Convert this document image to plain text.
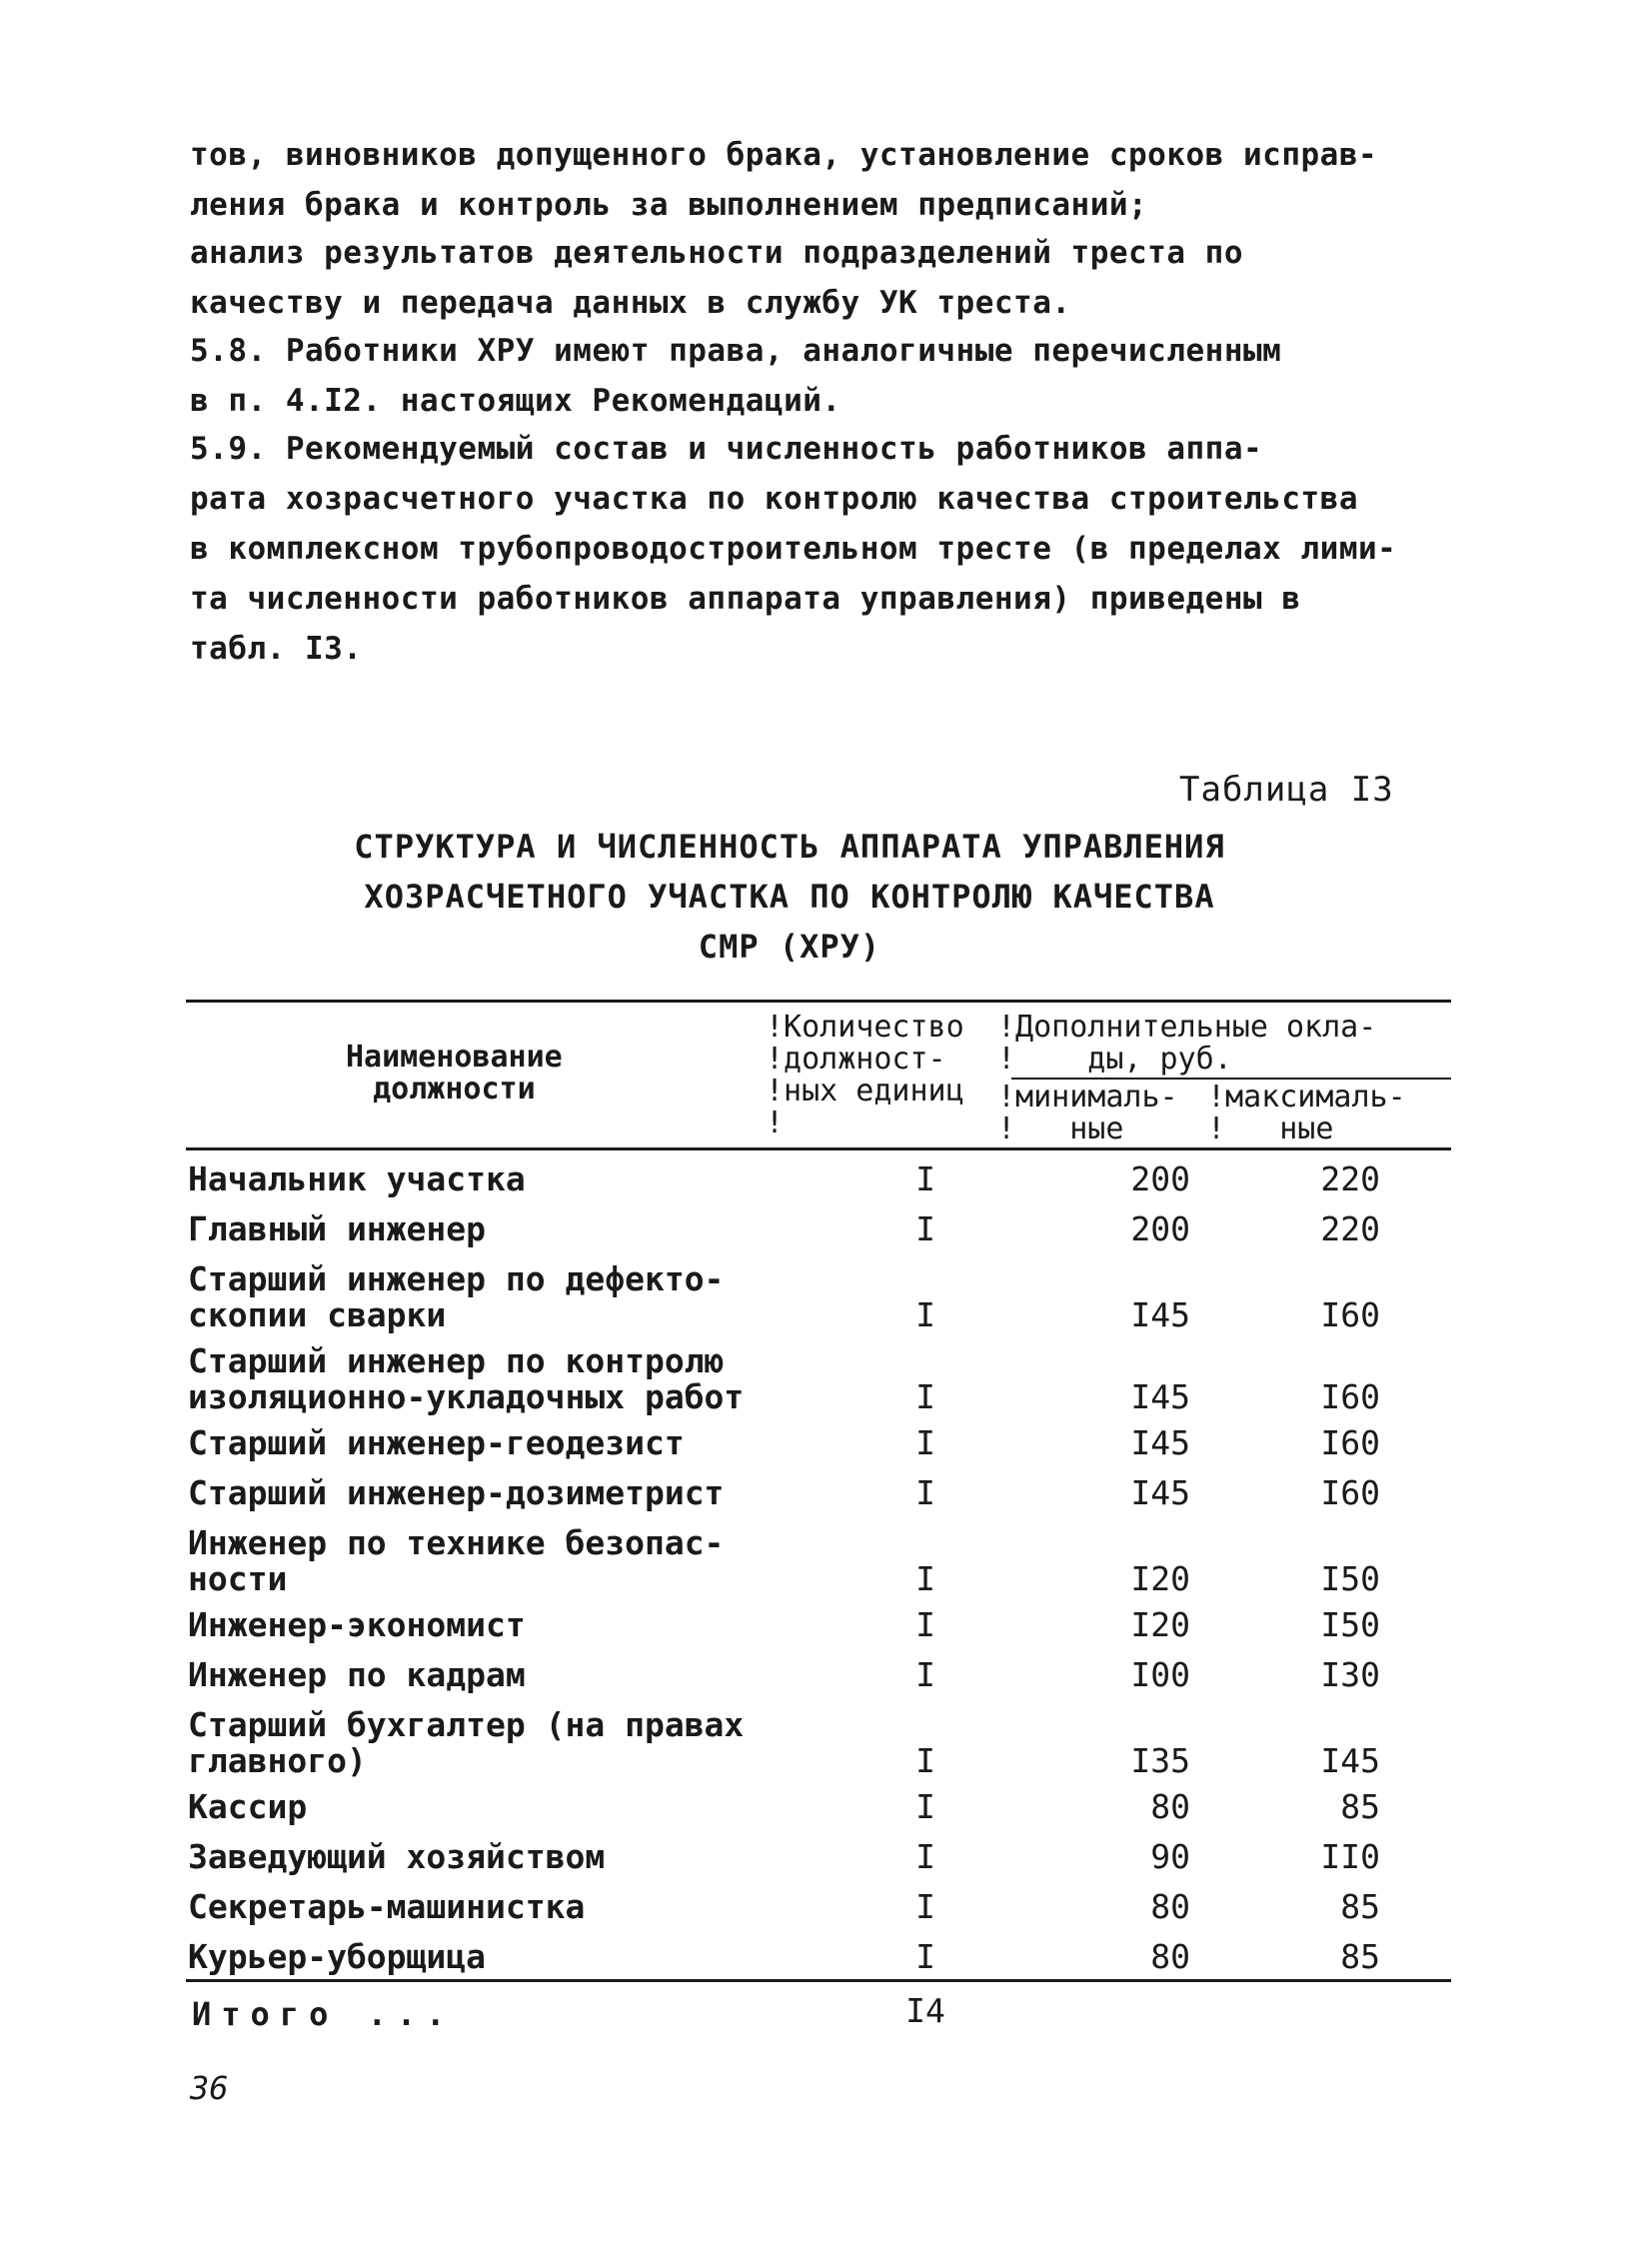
тов, виновников допущенного брака, установление сроков исправ-
ления брака и контроль за выполнением предписаний;
анализ результатов деятельности подразделений треста по
качеству и передача данных в службу УК треста.
5.8. Работники ХРУ имеют права, аналогичные перечисленным
в п. 4.I2. настоящих Рекомендаций.
5.9. Рекомендуемый состав и численность работников аппа-
рата хозрасчетного участка по контролю качества строительства
в комплексном трубопроводостроительном тресте (в пределах лими-
та численности работников аппарата управления) приведены в
табл. I3.
Таблица I3
СТРУКТУРА И ЧИСЛЕННОСТЬ АППАРАТА УПРАВЛЕНИЯ
ХОЗРАСЧЕТНОГО УЧАСТКА ПО КОНТРОЛЮ КАЧЕСТВА
СМР (ХРУ)
Наименование
должности
!Количество
!должност-
!ных единиц
!
!Дополнительные окла-
!    ды, руб.
!минималь-
!   ные
!максималь-
!   ные
Начальник участка	I	200	220
Главный инженер	I	200	220
Старший инженер по дефекто-
скопии сварки	I	I45	I60
Старший инженер по контролю
изоляционно-укладочных работ	I	I45	I60
Старший инженер-геодезист	I	I45	I60
Старший инженер-дозиметрист	I	I45	I60
Инженер по технике безопас-
ности	I	I20	I50
Инженер-экономист	I	I20	I50
Инженер по кадрам	I	I00	I30
Старший бухгалтер (на правах
главного)	I	I35	I45
Кассир	I	80	85
Заведующий хозяйством	I	90	II0
Секретарь-машинистка	I	80	85
Курьер-уборщица	I	80	85
Итого ...	I4
36
